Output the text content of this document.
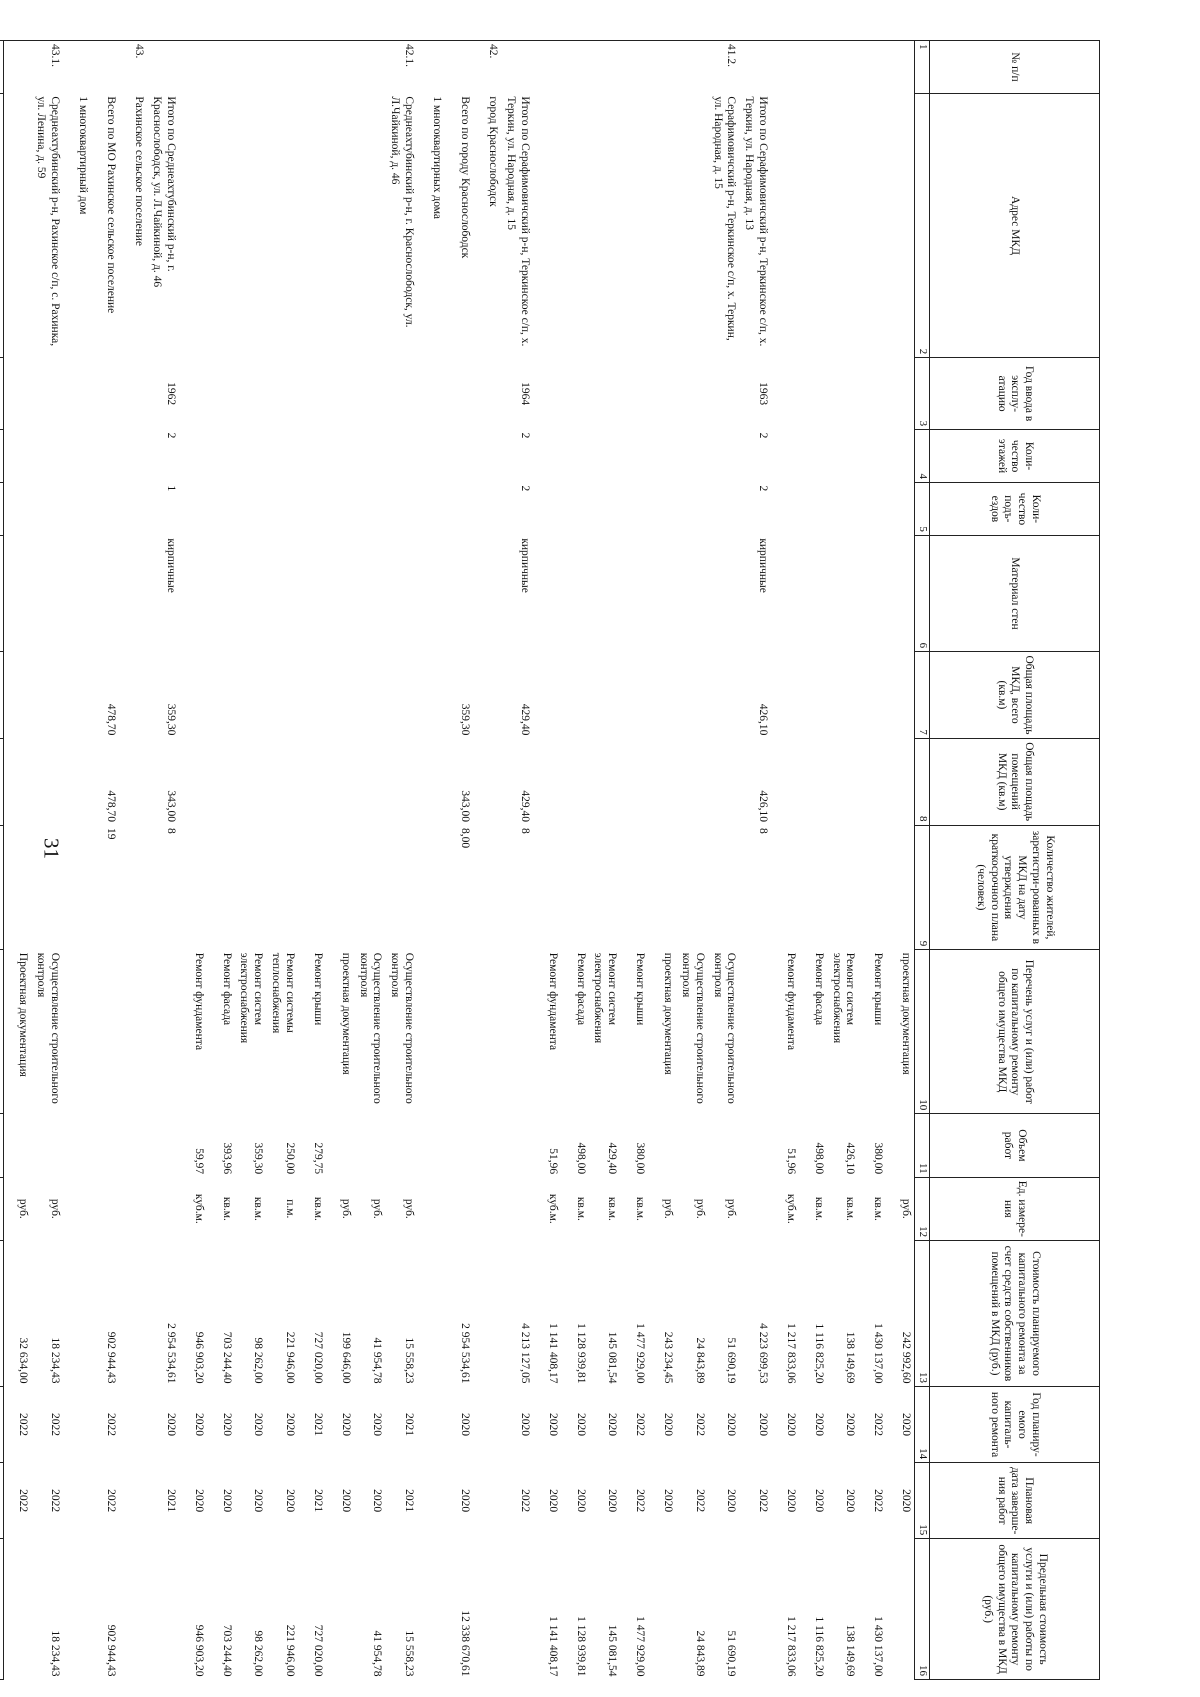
31
№ п/п	Адрес МКД	Год ввода в эксплу-атацию	Коли-чество этажей	Коли-чество подъ-ездов	Материал стен	Общая площадь МКД, всего (кв.м)	Общая площадь помещений МКД (кв.м)	Количество жителей, зарегистри-рованных в МКД на дату утверждения краткосрочного плана (человек)	Перечень услуг и (или) работ по капитальному ремонту общего имущества МКД	Объем работ	Ед. измере-ния	Стоимость планируемого капитального ремонта за счет средств собственников помещений в МКД (руб.)	Год планиру-емого капиталь-ного ремонта	Плановая дата заверше-ния работ	Предельная стоимость услуги и (или) работы по капитальному ремонту общего имущества в МКД (руб.)
1	2	3	4	5	6	7	8	9	10	11	12	13	14	15	16
									проектная документация		руб.	242 992,60	2020	2020	
									Ремонт крыши	380,00	кв.м.	1 430 137,00	2022	2022	1 430 137,00
									Ремонт систем электроснабжения	426,10	кв.м.	138 149,69	2020	2020	138 149,69
									Ремонт фасада	498,00	кв.м.	1 116 825,20	2020	2020	1 116 825,20
									Ремонт фундамента	51,96	куб.м.	1 217 833,06	2020	2020	1 217 833,06
	Итого по Серафимовичский р-н, Теркинское с/п, х. Теркин, ул. Народная, д. 13	1963	2	2	кирпичные	426,10	426,10	8				4 223 699,53	2020	2022	
41.2.	Серафимовичский р-н, Теркинское с/п, х. Теркин, ул. Народная, д. 15								Осуществление строительного контроля		руб.	51 690,19	2020	2020	51 690,19
									Осуществление строительного контроля		руб.	24 843,89	2022	2022	24 843,89
									проектная документация		руб.	243 234,45	2020	2020	
									Ремонт крыши	380,00	кв.м.	1 477 929,00	2022	2022	1 477 929,00
									Ремонт систем электроснабжения	429,40	кв.м.	145 081,54	2020	2020	145 081,54
									Ремонт фасада	498,00	кв.м.	1 128 939,81	2020	2020	1 128 939,81
									Ремонт фундамента	51,96	куб.м.	1 141 408,17	2020	2020	1 141 408,17
	Итого по Серафимовичский р-н, Теркинское с/п, х. Теркин, ул. Народная, д. 15	1964	2	2	кирпичные	429,40	429,40	8				4 213 127,05	2020	2022	
42.	город Краснослободск														
	Всего по городу Краснослободск					359,30	343,00	8,00				2 954 534,61	2020	2020	12 338 670,61
	1 многоквартирных дома														
42.1.	Среднеахтубинский р-н, г. Краснослободск, ул. Л.Чайкиной, д. 46								Осуществление строительного контроля		руб.	15 558,23	2021	2021	15 558,23
									Осуществление строительного контроля		руб.	41 954,78	2020	2020	41 954,78
									проектная документация		руб.	199 646,00	2020	2020	
									Ремонт крыши	279,75	кв.м.	727 020,00	2021	2021	727 020,00
									Ремонт системы теплоснабжения	250,00	п.м.	221 946,00	2020	2020	221 946,00
									Ремонт систем электроснабжения	359,30	кв.м.	98 262,00	2020	2020	98 262,00
									Ремонт фасада	393,96	кв.м.	703 244,40	2020	2020	703 244,40
									Ремонт фундамента	59,97	куб.м.	946 903,20	2020	2020	946 903,20
	Итого по Среднеахтубинский р-н, г. Краснослободск, ул. Л.Чайкиной, д. 46	1962	2	1	кирпичные	359,30	343,00	8				2 954 534,61	2020	2021	
43.	Рахинское сельское поселение														
	Всего по МО Рахинское сельское поселение					478,70	478,70	19				902 944,43	2022	2022	902 944,43
	1 многоквартирный дом														
43.1.	Среднеахтубинский р-н, Рахинское с/п, с. Рахинка, ул. Ленина, д. 59								Осуществление строительного контроля		руб.	18 234,43	2022	2022	18 234,43
									Проектная документация		руб.	32 634,00	2022	2022	
